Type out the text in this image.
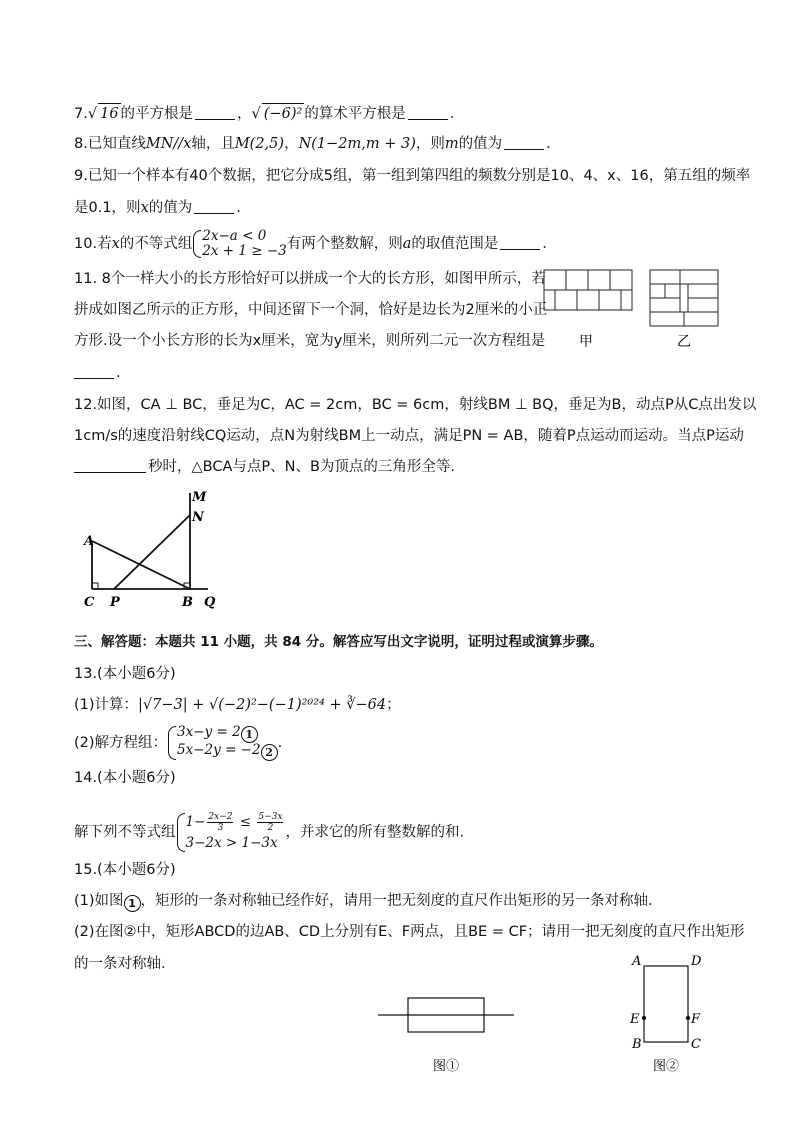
7.√ 16 的平方根是	，√ (−6)² 的算术平方根是	．
8.已知直线MN//x轴，且M(2,5)，N(1−2m,m + 3)，则m的值为	．
9.已知一个样本有40个数据，把它分成5组，第一组到第四组的频数分别是10、4、x、16，第五组的频率
是0.1，则x的值为	．
10.若x的不等式组 2x−a < 0
2x + 1 ≥ −3 有两个整数解，则a的取值范围是	．
11. 8个一样大小的长方形恰好可以拼成一个大的长方形，如图甲所示，若
拼成如图乙所示的正方形，中间还留下一个洞，恰好是边长为2厘米的小正
方形.设一个小长方形的长为x厘米，宽为y厘米，则所列二元一次方程组是
.
甲	乙
12.如图，CA ⊥ BC，垂足为C，AC = 2cm，BC = 6cm，射线BM ⊥ BQ，垂足为B，动点P从C点出发以
1cm/s的速度沿射线CQ运动，点N为射线BM上一动点，满足PN = AB，随着P点运动而运动。当点P运动
秒时，△BCA与点P、N、B为顶点的三角形全等．
A
C P	B Q
M
N
三、解答题：本题共 11 小题，共 84 分。解答应写出文字说明，证明过程或演算步骤。
13.(本小题6分)
(1)计算：|√7−3| + √(−2)²−(−1)²⁰²⁴ + ∛−64；
(2)解方程组：
3x−y = 2 1
5x−2y = −2 2
.
14.(本小题6分)
解下列不等式组
$1- \frac{2x-2}{3} \le \frac{5-3x}{2}$
3−2x > 1−3x
，并求它的所有整数解的和.
15.(本小题6分)
(1)如图 1 ，矩形的一条对称轴已经作好，请用一把无刻度的直尺作出矩形的另一条对称轴．
(2)在图②中，矩形ABCD的边AB、CD上分别有E、F两点，且BE = CF；请用一把无刻度的直尺作出矩形
的一条对称轴．
图①
A	D
E	F
B	C
图②
